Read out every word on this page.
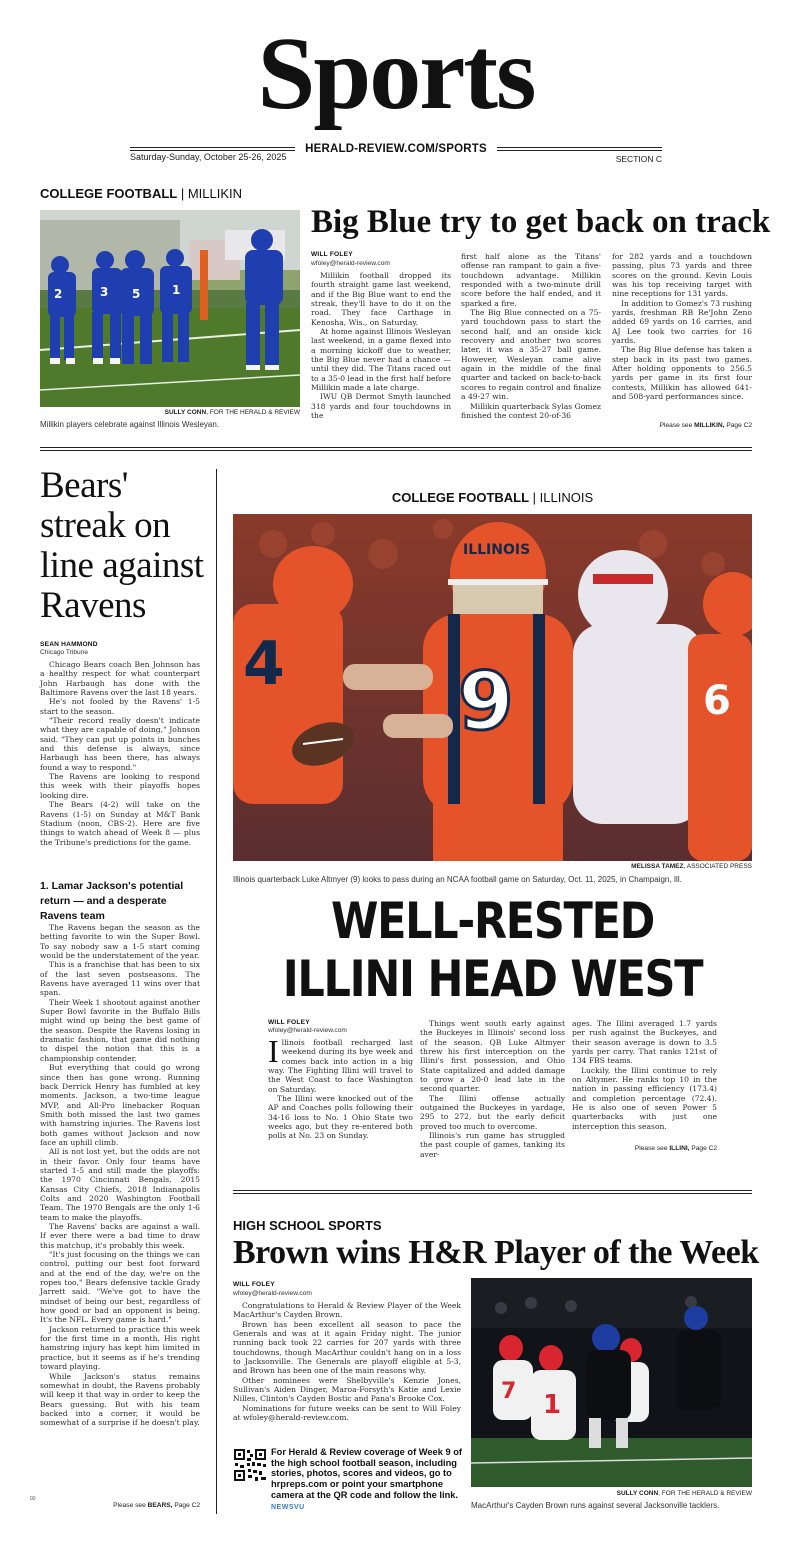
Sports
HERALD-REVIEW.COM/SPORTS
Saturday-Sunday, October 25-26, 2025	SECTION C
COLLEGE FOOTBALL | MILLIKIN
Big Blue try to get back on track
2	3 5	1
SULLY CONN, FOR THE HERALD & REVIEW
Millikin players celebrate against Illinois Wesleyan.
WILL FOLEY
wfoley@herald-review.com

Millikin football dropped its fourth straight game last weekend, and if the Big Blue want to end the streak, they'll have to do it on the road. They face Carthage in Kenosha, Wis., on Saturday.

At home against Illinois Wesleyan last weekend, in a game flexed into a morning kickoff due to weather, the Big Blue never had a chance — until they did. The Titans raced out to a 35-0 lead in the first half before Millikin made a late charge.

IWU QB Dermot Smyth launched 318 yards and four touchdowns in the

first half alone as the Titans' offense ran rampant to gain a five-touchdown advantage. Millikin responded with a two-minute drill score before the half ended, and it sparked a fire.

The Big Blue connected on a 75-yard touchdown pass to start the second half, and an onside kick recovery and another two scores later, it was a 35-27 ball game. However, Wesleyan came alive again in the middle of the final quarter and tacked on back-to-back scores to regain control and finalize a 49-27 win.

Millikin quarterback Sylas Gomez finished the contest 20-of-36

for 282 yards and a touchdown passing, plus 73 yards and three scores on the ground. Kevin Louis was his top receiving target with nine receptions for 131 yards.

In addition to Gomez's 73 rushing yards, freshman RB Re'John Zeno added 69 yards on 16 carries, and AJ Lee took two carries for 16 yards.

The Big Blue defense has taken a step back in its past two games. After holding opponents to 256.5 yards per game in its first four contests, Millikin has allowed 641- and 508-yard performances since.

Please see MILLIKIN, Page C2
Bears' streak on line against Ravens
SEAN HAMMOND
Chicago Tribune

Chicago Bears coach Ben Johnson has a healthy respect for what counterpart John Harbaugh has done with the Baltimore Ravens over the last 18 years.

He's not fooled by the Ravens' 1-5 start to the season.

"Their record really doesn't indicate what they are capable of doing," Johnson said. "They can put up points in bunches and this defense is always, since Harbaugh has been there, has always found a way to respond."

The Ravens are looking to respond this week with their playoffs hopes looking dire.

The Bears (4-2) will take on the Ravens (1-5) on Sunday at M&T Bank Stadium (noon, CBS-2). Here are five things to watch ahead of Week 8 — plus the Tribune's predictions for the game.

1. Lamar Jackson's potential return — and a desperate Ravens team

The Ravens began the season as the betting favorite to win the Super Bowl. To say nobody saw a 1-5 start coming would be the understatement of the year.

This is a franchise that has been to six of the last seven postseasons. The Ravens have averaged 11 wins over that span.

Their Week 1 shootout against another Super Bowl favorite in the Buffalo Bills might wind up being the best game of the season. Despite the Ravens losing in dramatic fashion, that game did nothing to dispel the notion that this is a championship contender.

But everything that could go wrong since then has gone wrong. Running back Derrick Henry has fumbled at key moments. Jackson, a two-time league MVP, and All-Pro linebacker Roquan Smith both missed the last two games with hamstring injuries. The Ravens lost both games without Jackson and now face an uphill climb.

All is not lost yet, but the odds are not in their favor. Only four teams have started 1-5 and still made the playoffs: the 1970 Cincinnati Bengals, 2015 Kansas City Chiefs, 2018 Indianapolis Colts and 2020 Washington Football Team. The 1970 Bengals are the only 1-6 team to make the playoffs.

The Ravens' backs are against a wall. If ever there were a bad time to draw this matchup, it's probably this week.

"It's just focusing on the things we can control, putting our best foot forward and at the end of the day, we're on the ropes too," Bears defensive tackle Grady Jarrett said. "We've got to have the mindset of being our best, regardless of how good or bad an opponent is being. It's the NFL. Every game is hard."

Jackson returned to practice this week for the first time in a month. His right hamstring injury has kept him limited in practice, but it seems as if he's trending toward playing.

While Jackson's status remains somewhat in doubt, the Ravens probably will keep it that way in order to keep the Bears guessing. But with his team backed into a corner, it would be somewhat of a surprise if he doesn't play.

Please see BEARS, Page C2
00
COLLEGE FOOTBALL | ILLINOIS
4
6
9
ILLINOIS
MELISSA TAMEZ, ASSOCIATED PRESS
Illinois quarterback Luke Altmyer (9) looks to pass during an NCAA football game on Saturday, Oct. 11, 2025, in Champaign, Ill.
WELL-RESTED
ILLINI HEAD WEST
WILL FOLEY
wfoley@herald-review.com

Illinois football recharged last weekend during its bye week and comes back into action in a big way. The Fighting Illini will travel to the West Coast to face Washington on Saturday.

The Illini were knocked out of the AP and Coaches polls following their 34-16 loss to No. 1 Ohio State two weeks ago, but they re-entered both polls at No. 23 on Sunday.

Things went south early against the Buckeyes in Illinois' second loss of the season. QB Luke Altmyer threw his first interception on the Illini's first possession, and Ohio State capitalized and added damage to grow a 20-0 lead late in the second quarter.

The Illini offense actually outgained the Buckeyes in yardage, 295 to 272, but the early deficit proved too much to overcome.

Illinois's run game has struggled the past couple of games, tanking its aver-

ages. The Illini averaged 1.7 yards per rush against the Buckeyes, and their season average is down to 3.5 yards per carry. That ranks 121st of 134 FBS teams.

Luckily, the Illini continue to rely on Altymer. He ranks top 10 in the nation in passing efficiency (173.4) and completion percentage (72.4). He is also one of seven Power 5 quarterbacks with just one interception this season.

Please see ILLINI, Page C2
HIGH SCHOOL SPORTS
Brown wins H&R Player of the Week
WILL FOLEY
wfoley@herald-review.com

Congratulations to Herald & Review Player of the Week MacArthur's Cayden Brown.

Brown has been excellent all season to pace the Generals and was at it again Friday night. The junior running back took 22 carries for 207 yards with three touchdowns, though MacArthur couldn't hang on in a loss to Jacksonville. The Generals are playoff eligible at 5-3, and Brown has been one of the main reasons why.

Other nominees were Shelbyville's Kenzie Jones, Sullivan's Aiden Dinger, Maroa-Forsyth's Katie and Lexie Nilles, Clinton's Cayden Bostic and Pana's Brooke Cox.

Nominations for future weeks can be sent to Will Foley at wfoley@herald-review.com.

For Herald & Review coverage of Week 9 of the high school football season, including stories, photos, scores and videos, go to hrpreps.com or point your smartphone camera at the QR code and follow the link. NEWSVU
7 1
SULLY CONN, FOR THE HERALD & REVIEW
MacArthur's Cayden Brown runs against several Jacksonville tacklers.
